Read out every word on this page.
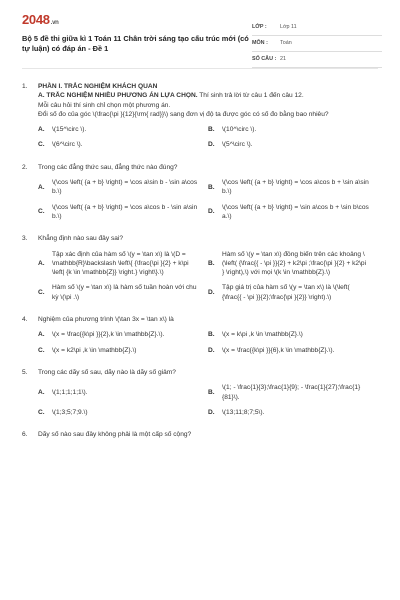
2048.vn
Bộ 5 đề thi giữa kì 1 Toán 11 Chân trời sáng tạo cấu trúc mới (có tự luận) có đáp án - Đề 1
LỚP : Lớp 11
MÔN : Toán
SỐ CÂU : 21
1.	PHẦN I. TRẮC NGHIỆM KHÁCH QUAN
A. TRẮC NGHIỆM NHIỀU PHƯƠNG ÁN LỰA CHỌN. Thí sinh trả lời từ câu 1 đến câu 12.
Mỗi câu hỏi thí sinh chỉ chọn một phương án.
Đổi số đo của góc \(\frac{\pi }{12}{\rm{ rad}}\) sang đơn vị độ ta được góc có số đo bằng bao nhiêu?
A.	\(15^\circ \).	B.	\(10^\circ \).
C.	\(6^\circ \).	D.	\(5^\circ \).
2.	Trong các đẳng thức sau, đẳng thức nào đúng?
A.
\(\cos \left( {a + b} \right) = \cos a\sin b - \sin a\cos b.\)
B.
\(\cos \left( {a + b} \right) = \cos a\cos b + \sin a\sin b.\)
C.
\(\cos \left( {a + b} \right) = \cos a\cos b - \sin a\sin b.\)
D.
\(\cos \left( {a + b} \right) = \sin a\cos b + \sin b\cos a.\)
3.	Khẳng định nào sau đây sai?
A.
Tập xác định của hàm số \(y = \tan x\) là \(D = \mathbb{R}\backslash \left\{ {\frac{\pi }{2} + k\pi \left| {k \in \mathbb{Z}} \right.} \right\}.\)
B.
Hàm số \(y = \tan x\) đồng biến trên các khoảng \(\left( {\frac{{ - \pi }}{2} + k2\pi ;\frac{\pi }{2} + k2\pi } \right),\) với mọi \(k \in \mathbb{Z}.\)
C.
Hàm số \(y = \tan x\) là hàm số tuần hoàn với chu kỳ \(\pi .\)
D.
Tập giá trị của hàm số \(y = \tan x\) là \(\left( {\frac{{ - \pi }}{2};\frac{\pi }{2}} \right).\)
4.	Nghiệm của phương trình \(\tan 3x = \tan x\) là
A.	\(x = \frac{{k\pi }}{2},k \in \mathbb{Z}.\).	B.	\(x = k\pi ,k \in \mathbb{Z}.\)
C.	\(x = k2\pi ,k \in \mathbb{Z}.\)	D.	\(x = \frac{{k\pi }}{6},k \in \mathbb{Z}.\).
5.	Trong các dãy số sau, dãy nào là dãy số giảm?
A.	\(1;1;1;1;1\).	B.
\(1; - \frac{1}{3};\frac{1}{9}; - \frac{1}{27};\frac{1}{81}\).
C.	\(1;3;5;7;9.\)	D.	\(13;11;8;7;5\).
6.	Dãy số nào sau đây không phải là một cấp số cộng?
